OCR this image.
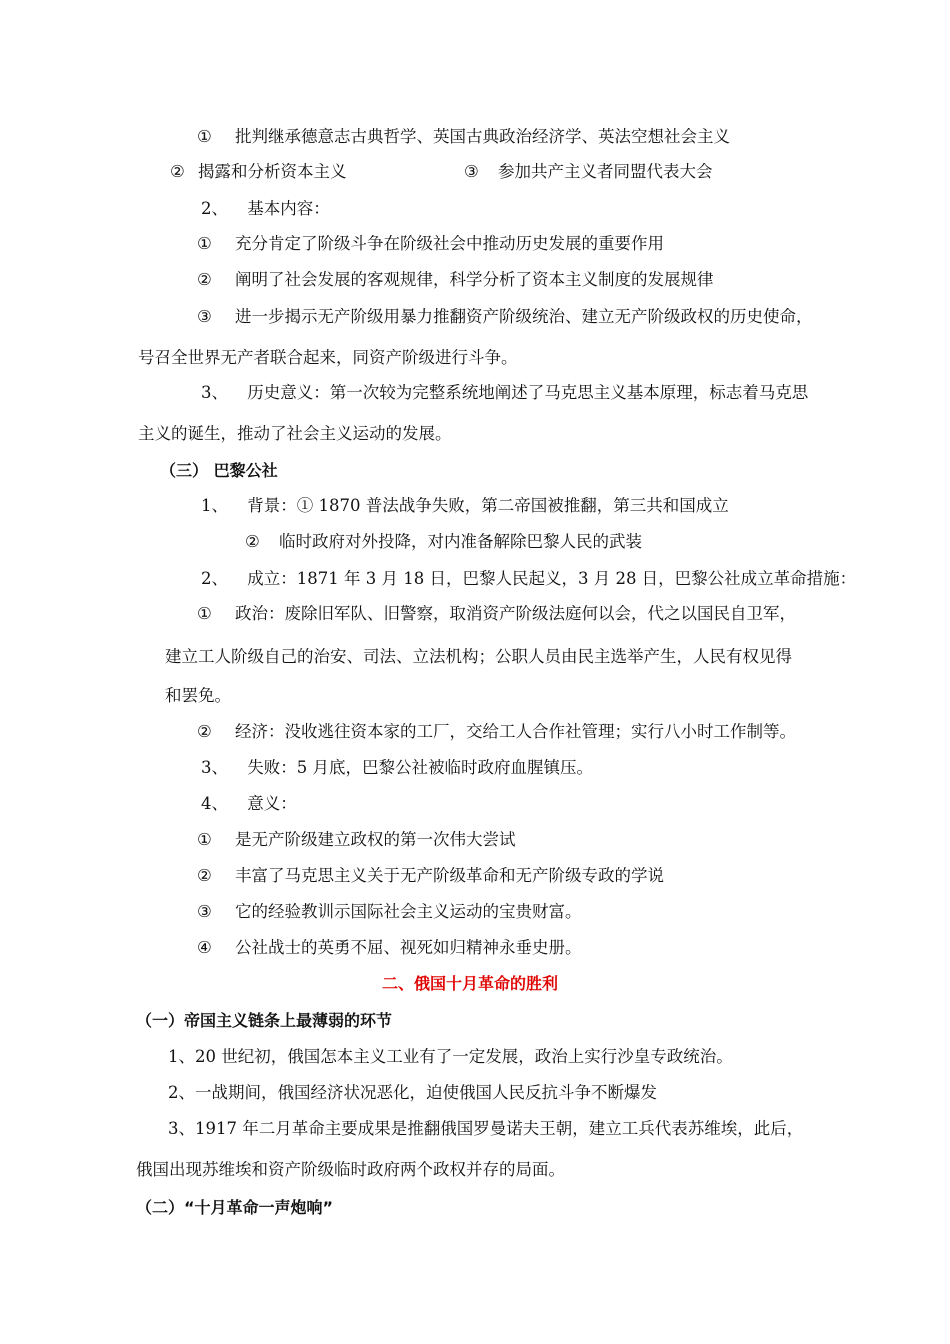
① 批判继承德意志古典哲学、英国古典政治经济学、英法空想社会主义
② 揭露和分析资本主义	③ 参加共产主义者同盟代表大会
2、 基本内容：
① 充分肯定了阶级斗争在阶级社会中推动历史发展的重要作用
② 阐明了社会发展的客观规律，科学分析了资本主义制度的发展规律
③ 进一步揭示无产阶级用暴力推翻资产阶级统治、建立无产阶级政权的历史使命，
号召全世界无产者联合起来，同资产阶级进行斗争。
3、 历史意义：第一次较为完整系统地阐述了马克思主义基本原理，标志着马克思
主义的诞生，推动了社会主义运动的发展。
（三） 巴黎公社
1、 背景：① 1870 普法战争失败，第二帝国被推翻，第三共和国成立
② 临时政府对外投降，对内准备解除巴黎人民的武装
2、 成立：1871 年 3 月 18 日，巴黎人民起义，3 月 28 日，巴黎公社成立革命措施：
① 政治：废除旧军队、旧警察，取消资产阶级法庭何以会，代之以国民自卫军，
建立工人阶级自己的治安、司法、立法机构；公职人员由民主选举产生，人民有权见得
和罢免。
② 经济：没收逃往资本家的工厂，交给工人合作社管理；实行八小时工作制等。
3、 失败：5 月底，巴黎公社被临时政府血腥镇压。
4、 意义：
① 是无产阶级建立政权的第一次伟大尝试
② 丰富了马克思主义关于无产阶级革命和无产阶级专政的学说
③ 它的经验教训示国际社会主义运动的宝贵财富。
④ 公社战士的英勇不屈、视死如归精神永垂史册。
二、俄国十月革命的胜利
（一）帝国主义链条上最薄弱的环节
1、20 世纪初，俄国怎本主义工业有了一定发展，政治上实行沙皇专政统治。
2、一战期间，俄国经济状况恶化，迫使俄国人民反抗斗争不断爆发
3、1917 年二月革命主要成果是推翻俄国罗曼诺夫王朝，建立工兵代表苏维埃，此后，
俄国出现苏维埃和资产阶级临时政府两个政权并存的局面。
（二）“十月革命一声炮响”
